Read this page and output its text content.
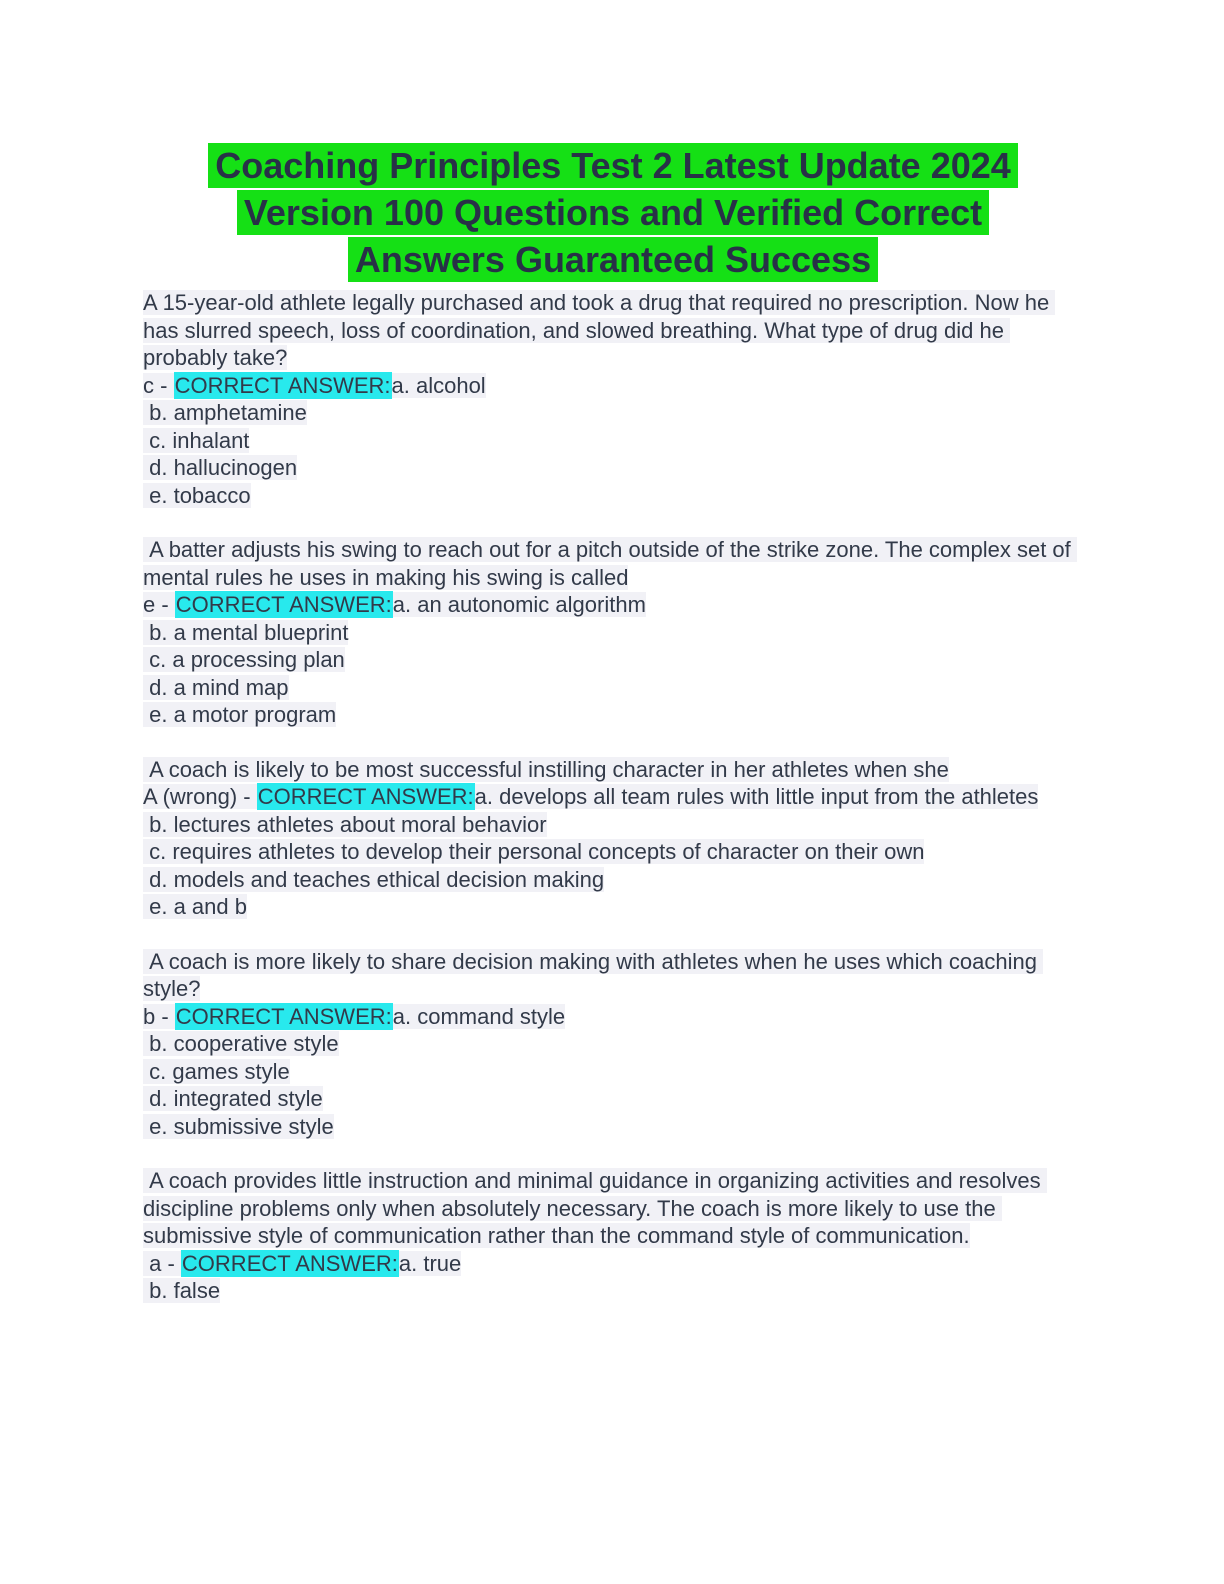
Coaching Principles Test 2 Latest Update 2024
Version 100 Questions and Verified Correct
Answers Guaranteed Success

A 15-year-old athlete legally purchased and took a drug that required no prescription. Now he has slurred speech, loss of coordination, and slowed breathing. What type of drug did he probably take?

c - CORRECT ANSWER:a. alcohol

b. amphetamine

c. inhalant

d. hallucinogen

e. tobacco

A batter adjusts his swing to reach out for a pitch outside of the strike zone. The complex set of mental rules he uses in making his swing is called

e - CORRECT ANSWER:a. an autonomic algorithm

b. a mental blueprint

c. a processing plan

d. a mind map

e. a motor program

A coach is likely to be most successful instilling character in her athletes when she

A (wrong) - CORRECT ANSWER:a. develops all team rules with little input from the athletes

b. lectures athletes about moral behavior

c. requires athletes to develop their personal concepts of character on their own

d. models and teaches ethical decision making

e. a and b

A coach is more likely to share decision making with athletes when he uses which coaching style?

b - CORRECT ANSWER:a. command style

b. cooperative style

c. games style

d. integrated style

e. submissive style

A coach provides little instruction and minimal guidance in organizing activities and resolves discipline problems only when absolutely necessary. The coach is more likely to use the submissive style of communication rather than the command style of communication.

a - CORRECT ANSWER:a. true

b. false
